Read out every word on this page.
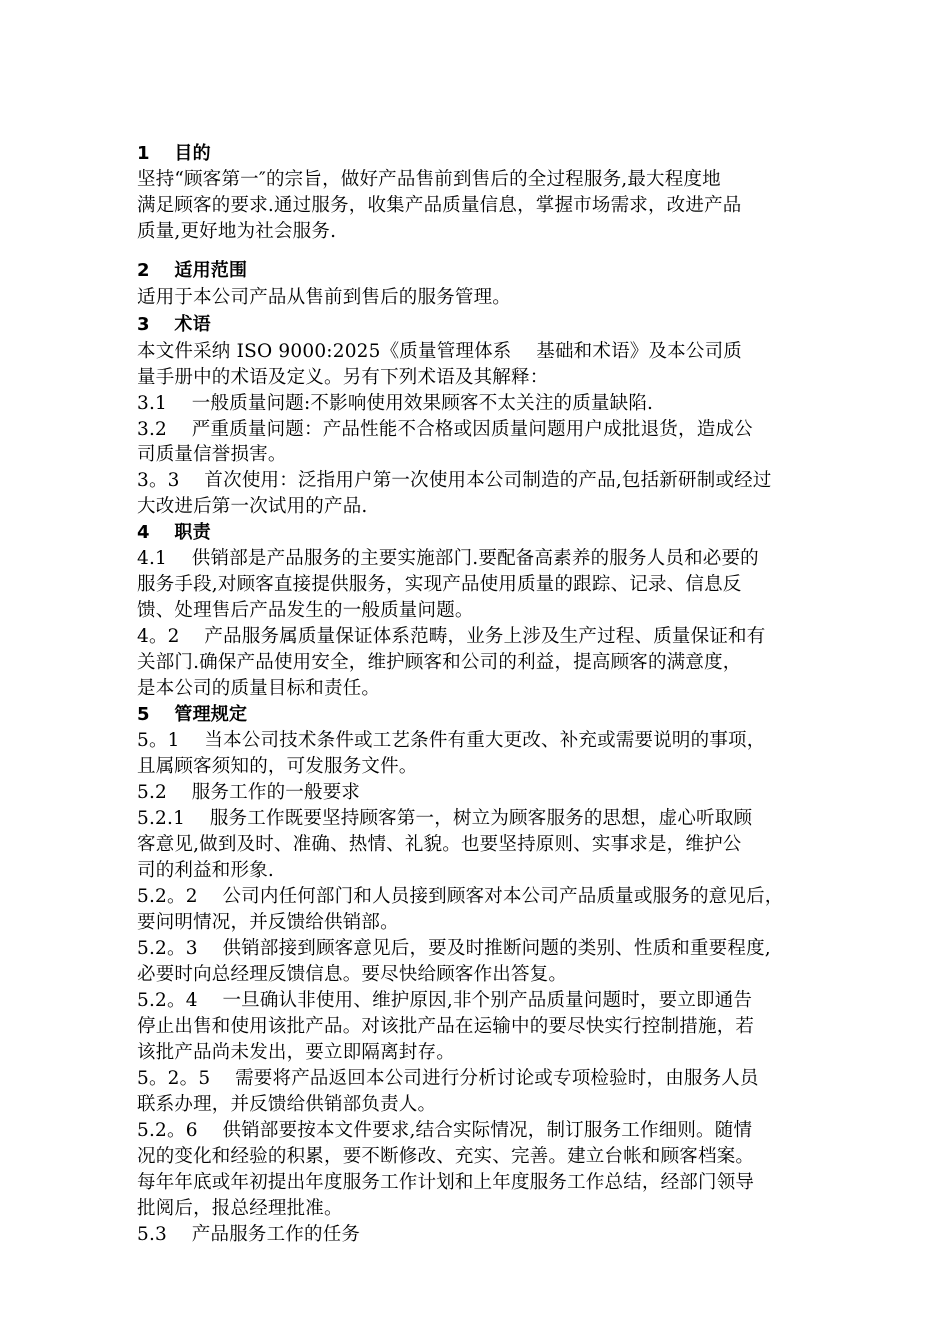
1　 目的
坚持“顾客第一″的宗旨，做好产品售前到售后的全过程服务,最大程度地
满足顾客的要求.通过服务，收集产品质量信息，掌握市场需求，改进产品
质量,更好地为社会服务.
2　 适用范围
适用于本公司产品从售前到售后的服务管理。
3　 术语
本文件采纳 ISO 9000:2025《质量管理体系　 基础和术语》及本公司质
量手册中的术语及定义。另有下列术语及其解释：
3.1　 一般质量问题:不影响使用效果顾客不太关注的质量缺陷.
3.2　 严重质量问题：产品性能不合格或因质量问题用户成批退货，造成公
司质量信誉损害。
3。3　 首次使用：泛指用户第一次使用本公司制造的产品,包括新研制或经过
大改进后第一次试用的产品.
4　 职责
4.1　 供销部是产品服务的主要实施部门.要配备高素养的服务人员和必要的
服务手段,对顾客直接提供服务，实现产品使用质量的跟踪、记录、信息反
馈、处理售后产品发生的一般质量问题。
4。2　 产品服务属质量保证体系范畴，业务上涉及生产过程、质量保证和有
关部门.确保产品使用安全，维护顾客和公司的利益，提高顾客的满意度，
是本公司的质量目标和责任。
5　 管理规定
5。1　 当本公司技术条件或工艺条件有重大更改、补充或需要说明的事项，
且属顾客须知的，可发服务文件。
5.2　 服务工作的一般要求
5.2.1　 服务工作既要坚持顾客第一，树立为顾客服务的思想，虚心听取顾
客意见,做到及时、准确、热情、礼貌。也要坚持原则、实事求是，维护公
司的利益和形象.
5.2。2　 公司内任何部门和人员接到顾客对本公司产品质量或服务的意见后，
要问明情况，并反馈给供销部。
5.2。3　 供销部接到顾客意见后，要及时推断问题的类别、性质和重要程度,
必要时向总经理反馈信息。要尽快给顾客作出答复。
5.2。4　 一旦确认非使用、维护原因,非个别产品质量问题时，要立即通告
停止出售和使用该批产品。对该批产品在运输中的要尽快实行控制措施，若
该批产品尚未发出，要立即隔离封存。
5。2。5　 需要将产品返回本公司进行分析讨论或专项检验时，由服务人员
联系办理，并反馈给供销部负责人。
5.2。6　 供销部要按本文件要求,结合实际情况，制订服务工作细则。随情
况的变化和经验的积累，要不断修改、充实、完善。建立台帐和顾客档案。
每年年底或年初提出年度服务工作计划和上年度服务工作总结，经部门领导
批阅后，报总经理批准。
5.3　 产品服务工作的任务
